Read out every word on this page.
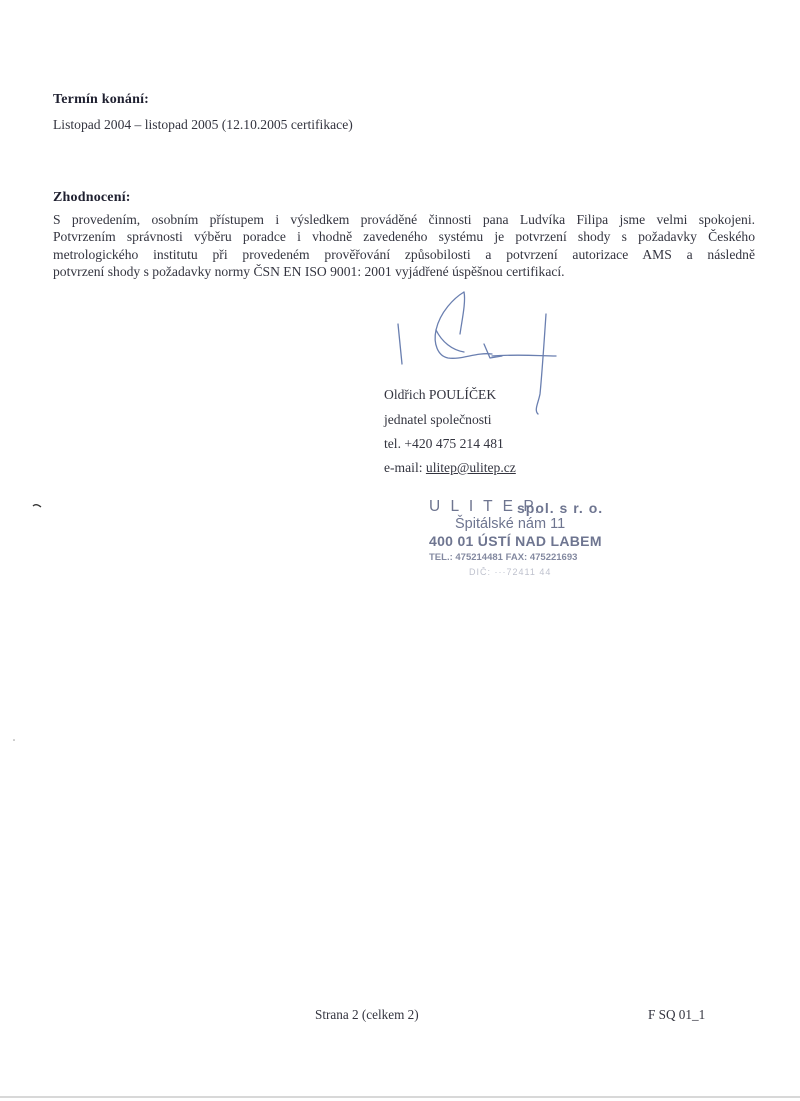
Termín konání:
Listopad 2004 – listopad 2005 (12.10.2005 certifikace)
Zhodnocení:
S provedením, osobním přístupem i výsledkem prováděné činnosti pana Ludvíka Filipa jsme velmi spokojeni.
Potvrzením správnosti výběru poradce i vhodně zavedeného systému je potvrzení shody s požadavky Českého
metrologického institutu při provedeném prověřování způsobilosti a potvrzení autorizace AMS a následně
potvrzení shody s požadavky normy ČSN EN ISO 9001: 2001 vyjádřené úspěšnou certifikací.
Oldřich POULÍČEK
jednatel společnosti
tel. +420 475 214 481
e-mail: ulitep@ulitep.cz
U L I T E P,
spol. s r. o.
Špitálské nám 11
400 01 ÚSTÍ NAD LABEM
TEL.: 475214481 FAX: 475221693
DIČ: ···72411 44
Strana 2 (celkem 2)	F SQ 01_1
